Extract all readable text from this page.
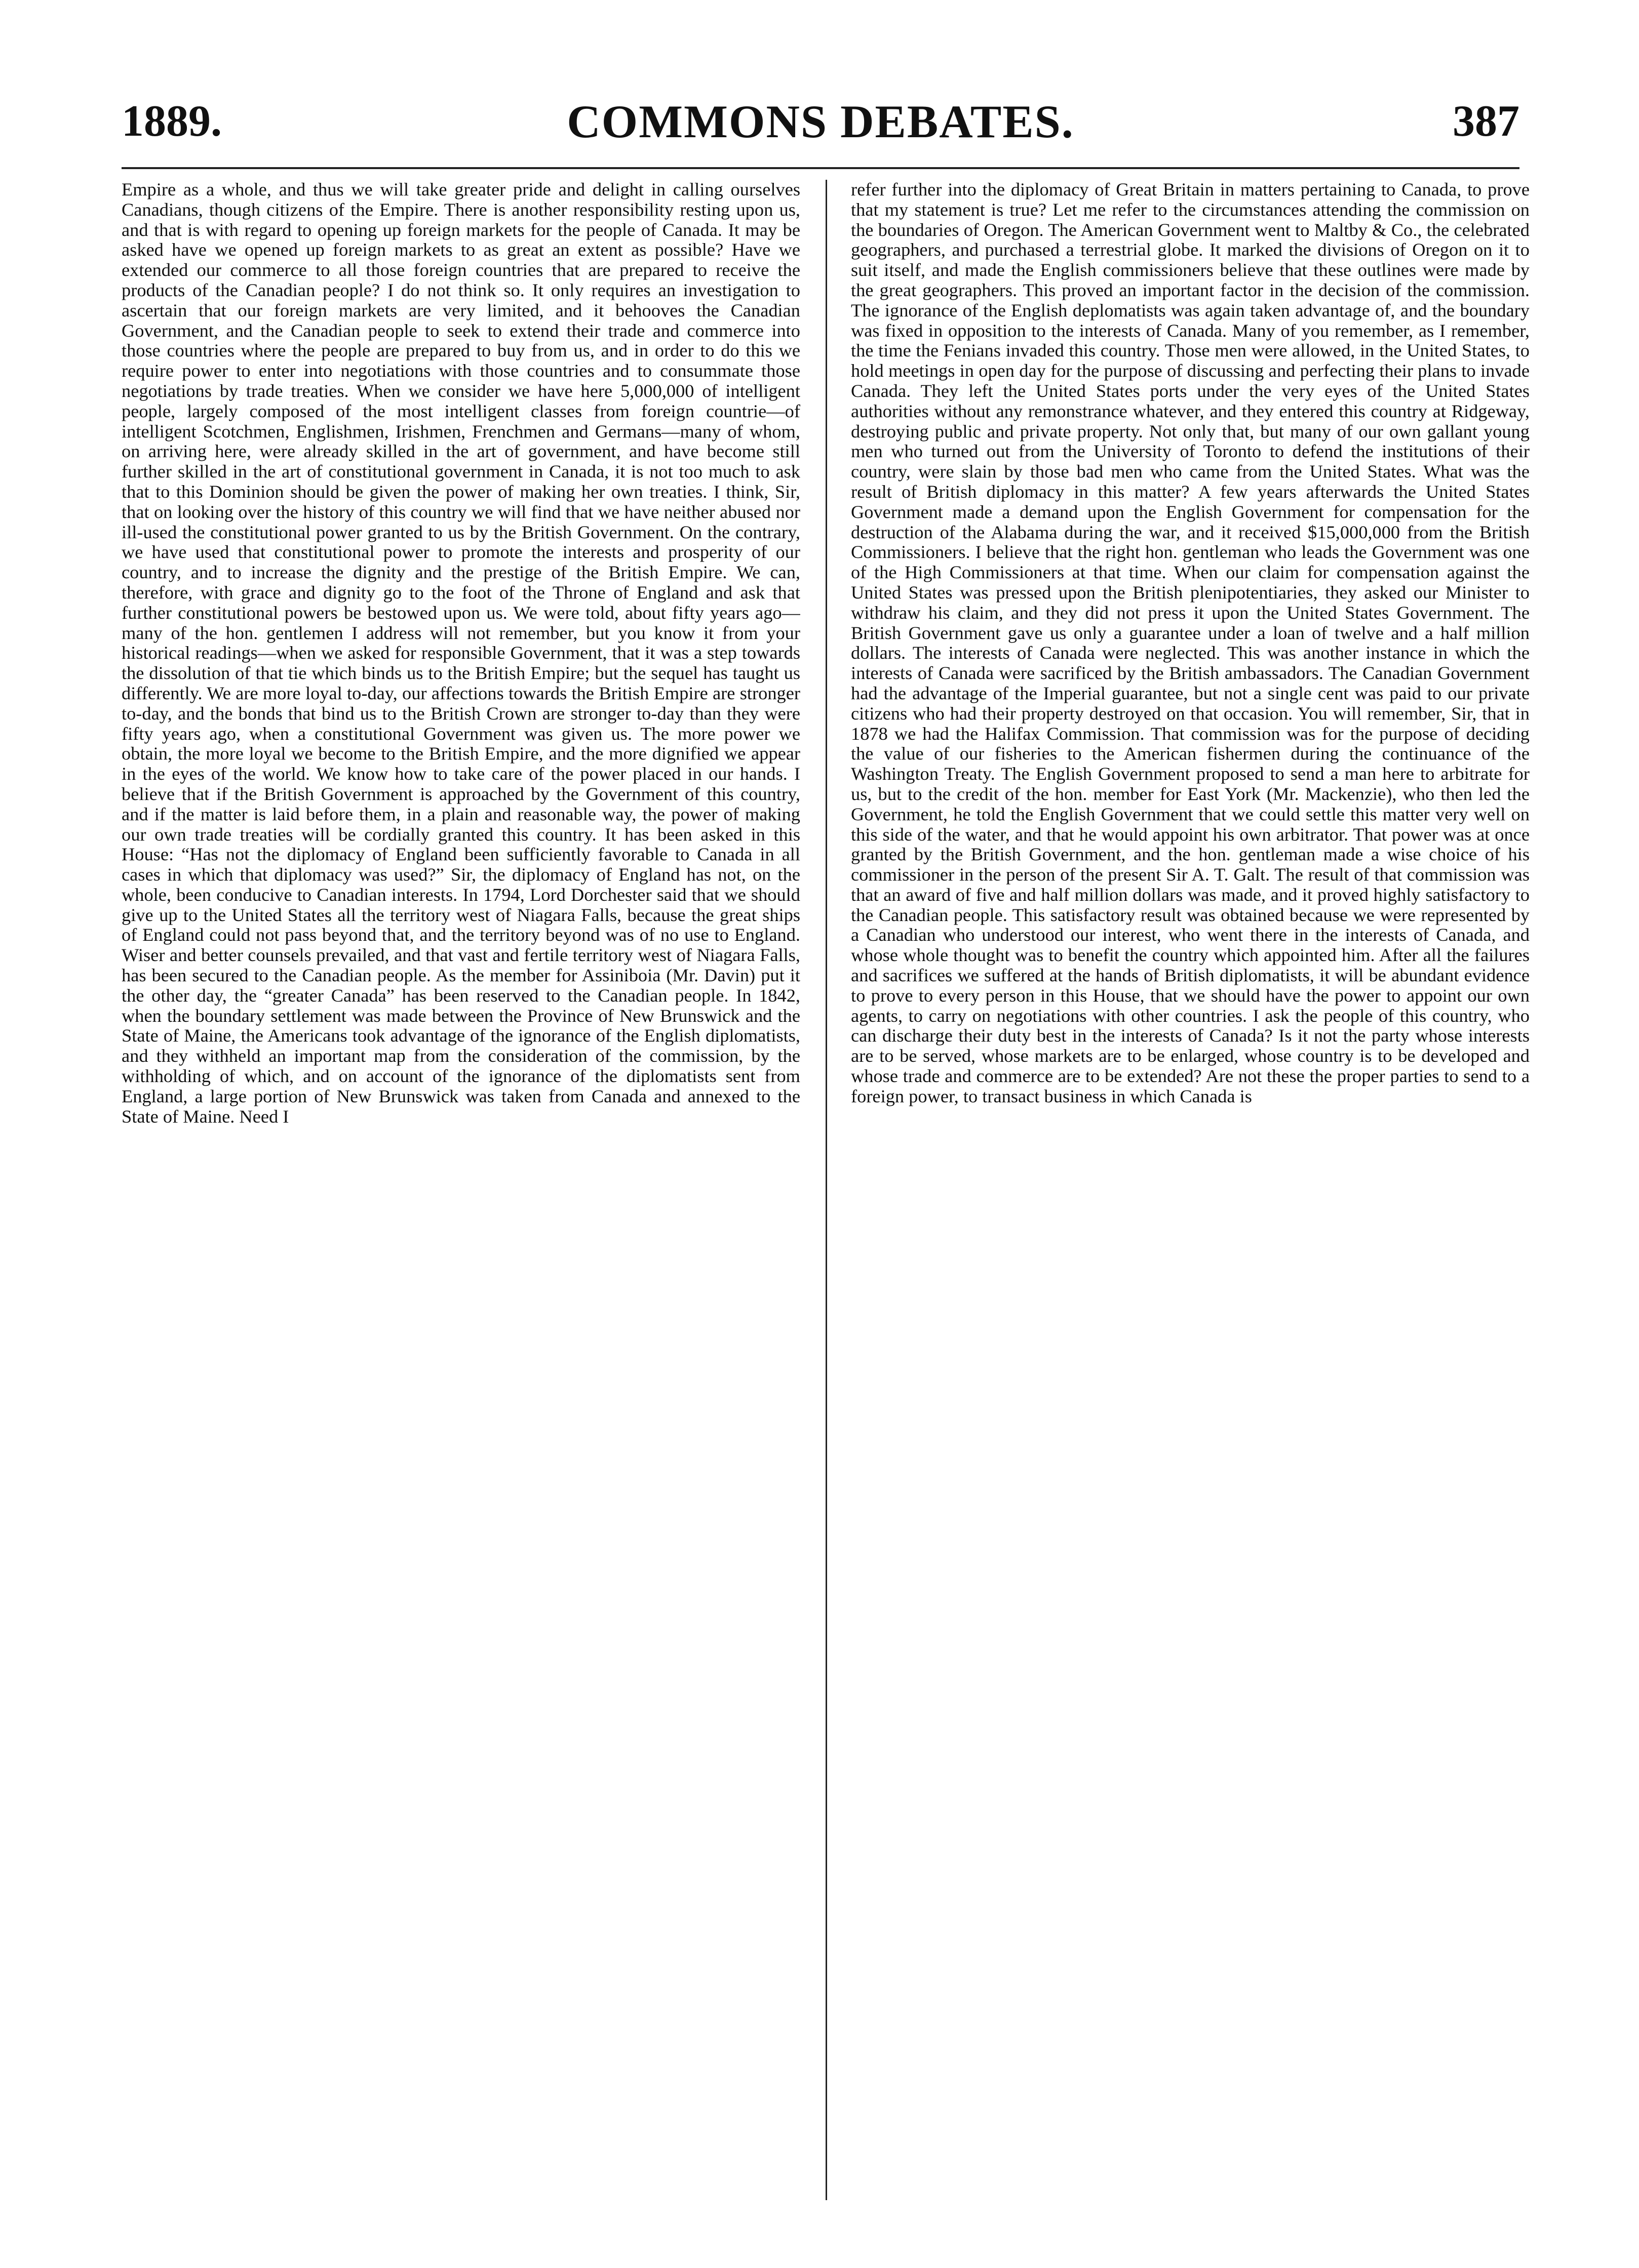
COMMONS DEBATES.
1889.	387

Empire as a whole, and thus we will take greater pride and delight in calling ourselves Canadians, though citizens of the Empire. There is another responsibility resting upon us, and that is with regard to opening up foreign markets for the people of Canada. It may be asked have we opened up foreign markets to as great an extent as possible? Have we extended our commerce to all those foreign countries that are prepared to receive the products of the Canadian people? I do not think so. It only requires an investigation to ascertain that our foreign markets are very limited, and it behooves the Canadian Government, and the Canadian people to seek to extend their trade and commerce into those countries where the people are prepared to buy from us, and in order to do this we require power to enter into negotiations with those countries and to consummate those negotiations by trade treaties. When we consider we have here 5,000,000 of intelligent people, largely composed of the most intelligent classes from foreign countrie—of intelligent Scotchmen, Englishmen, Irishmen, Frenchmen and Germans—many of whom, on arriving here, were already skilled in the art of government, and have become still further skilled in the art of constitutional government in Canada, it is not too much to ask that to this Dominion should be given the power of making her own treaties. I think, Sir, that on looking over the history of this country we will find that we have neither abused nor ill-used the constitutional power granted to us by the British Government. On the contrary, we have used that constitutional power to promote the interests and prosperity of our country, and to increase the dignity and the prestige of the British Empire. We can, therefore, with grace and dignity go to the foot of the Throne of England and ask that further constitutional powers be bestowed upon us. We were told, about fifty years ago—many of the hon. gentlemen I address will not remember, but you know it from your historical readings—when we asked for responsible Government, that it was a step towards the dissolution of that tie which binds us to the British Empire; but the sequel has taught us differently. We are more loyal to-day, our affections towards the British Empire are stronger to-day, and the bonds that bind us to the British Crown are stronger to-day than they were fifty years ago, when a constitutional Government was given us. The more power we obtain, the more loyal we become to the British Empire, and the more dignified we appear in the eyes of the world. We know how to take care of the power placed in our hands. I believe that if the British Government is approached by the Government of this country, and if the matter is laid before them, in a plain and reasonable way, the power of making our own trade treaties will be cordially granted this country. It has been asked in this House: “Has not the diplomacy of England been sufficiently favorable to Canada in all cases in which that diplomacy was used?” Sir, the diplomacy of England has not, on the whole, been conducive to Canadian interests. In 1794, Lord Dorchester said that we should give up to the United States all the territory west of Niagara Falls, because the great ships of England could not pass beyond that, and the territory beyond was of no use to England. Wiser and better counsels prevailed, and that vast and fertile territory west of Niagara Falls, has been secured to the Canadian people. As the member for Assiniboia (Mr. Davin) put it the other day, the “greater Canada” has been reserved to the Canadian people. In 1842, when the boundary settlement was made between the Province of New Brunswick and the State of Maine, the Americans took advantage of the ignorance of the English diplomatists, and they withheld an important map from the consideration of the commission, by the withholding of which, and on account of the ignorance of the diplomatists sent from England, a large portion of New Brunswick was taken from Canada and annexed to the State of Maine. Need I

refer further into the diplomacy of Great Britain in matters pertaining to Canada, to prove that my statement is true? Let me refer to the circumstances attending the commission on the boundaries of Oregon. The American Government went to Maltby & Co., the celebrated geographers, and purchased a terrestrial globe. It marked the divisions of Oregon on it to suit itself, and made the English commissioners believe that these outlines were made by the great geographers. This proved an important factor in the decision of the commission. The ignorance of the English deplomatists was again taken advantage of, and the boundary was fixed in opposition to the interests of Canada. Many of you remember, as I remember, the time the Fenians invaded this country. Those men were allowed, in the United States, to hold meetings in open day for the purpose of discussing and perfecting their plans to invade Canada. They left the United States ports under the very eyes of the United States authorities without any remonstrance whatever, and they entered this country at Ridgeway, destroying public and private property. Not only that, but many of our own gallant young men who turned out from the University of Toronto to defend the institutions of their country, were slain by those bad men who came from the United States. What was the result of British diplomacy in this matter? A few years afterwards the United States Government made a demand upon the English Government for compensation for the destruction of the Alabama during the war, and it received $15,000,000 from the British Commissioners. I believe that the right hon. gentleman who leads the Government was one of the High Commissioners at that time. When our claim for compensation against the United States was pressed upon the British plenipotentiaries, they asked our Minister to withdraw his claim, and they did not press it upon the United States Government. The British Government gave us only a guarantee under a loan of twelve and a half million dollars. The interests of Canada were neglected. This was another instance in which the interests of Canada were sacrificed by the British ambassadors. The Canadian Government had the advantage of the Imperial guarantee, but not a single cent was paid to our private citizens who had their property destroyed on that occasion. You will remember, Sir, that in 1878 we had the Halifax Commission. That commission was for the purpose of deciding the value of our fisheries to the American fishermen during the continuance of the Washington Treaty. The English Government proposed to send a man here to arbitrate for us, but to the credit of the hon. member for East York (Mr. Mackenzie), who then led the Government, he told the English Government that we could settle this matter very well on this side of the water, and that he would appoint his own arbitrator. That power was at once granted by the British Government, and the hon. gentleman made a wise choice of his commissioner in the person of the present Sir A. T. Galt. The result of that commission was that an award of five and half million dollars was made, and it proved highly satisfactory to the Canadian people. This satisfactory result was obtained because we were represented by a Canadian who understood our interest, who went there in the interests of Canada, and whose whole thought was to benefit the country which appointed him. After all the failures and sacrifices we suffered at the hands of British diplomatists, it will be abundant evidence to prove to every person in this House, that we should have the power to appoint our own agents, to carry on negotiations with other countries. I ask the people of this country, who can discharge their duty best in the interests of Canada? Is it not the party whose interests are to be served, whose markets are to be enlarged, whose country is to be developed and whose trade and commerce are to be extended? Are not these the proper parties to send to a foreign power, to transact business in which Canada is
